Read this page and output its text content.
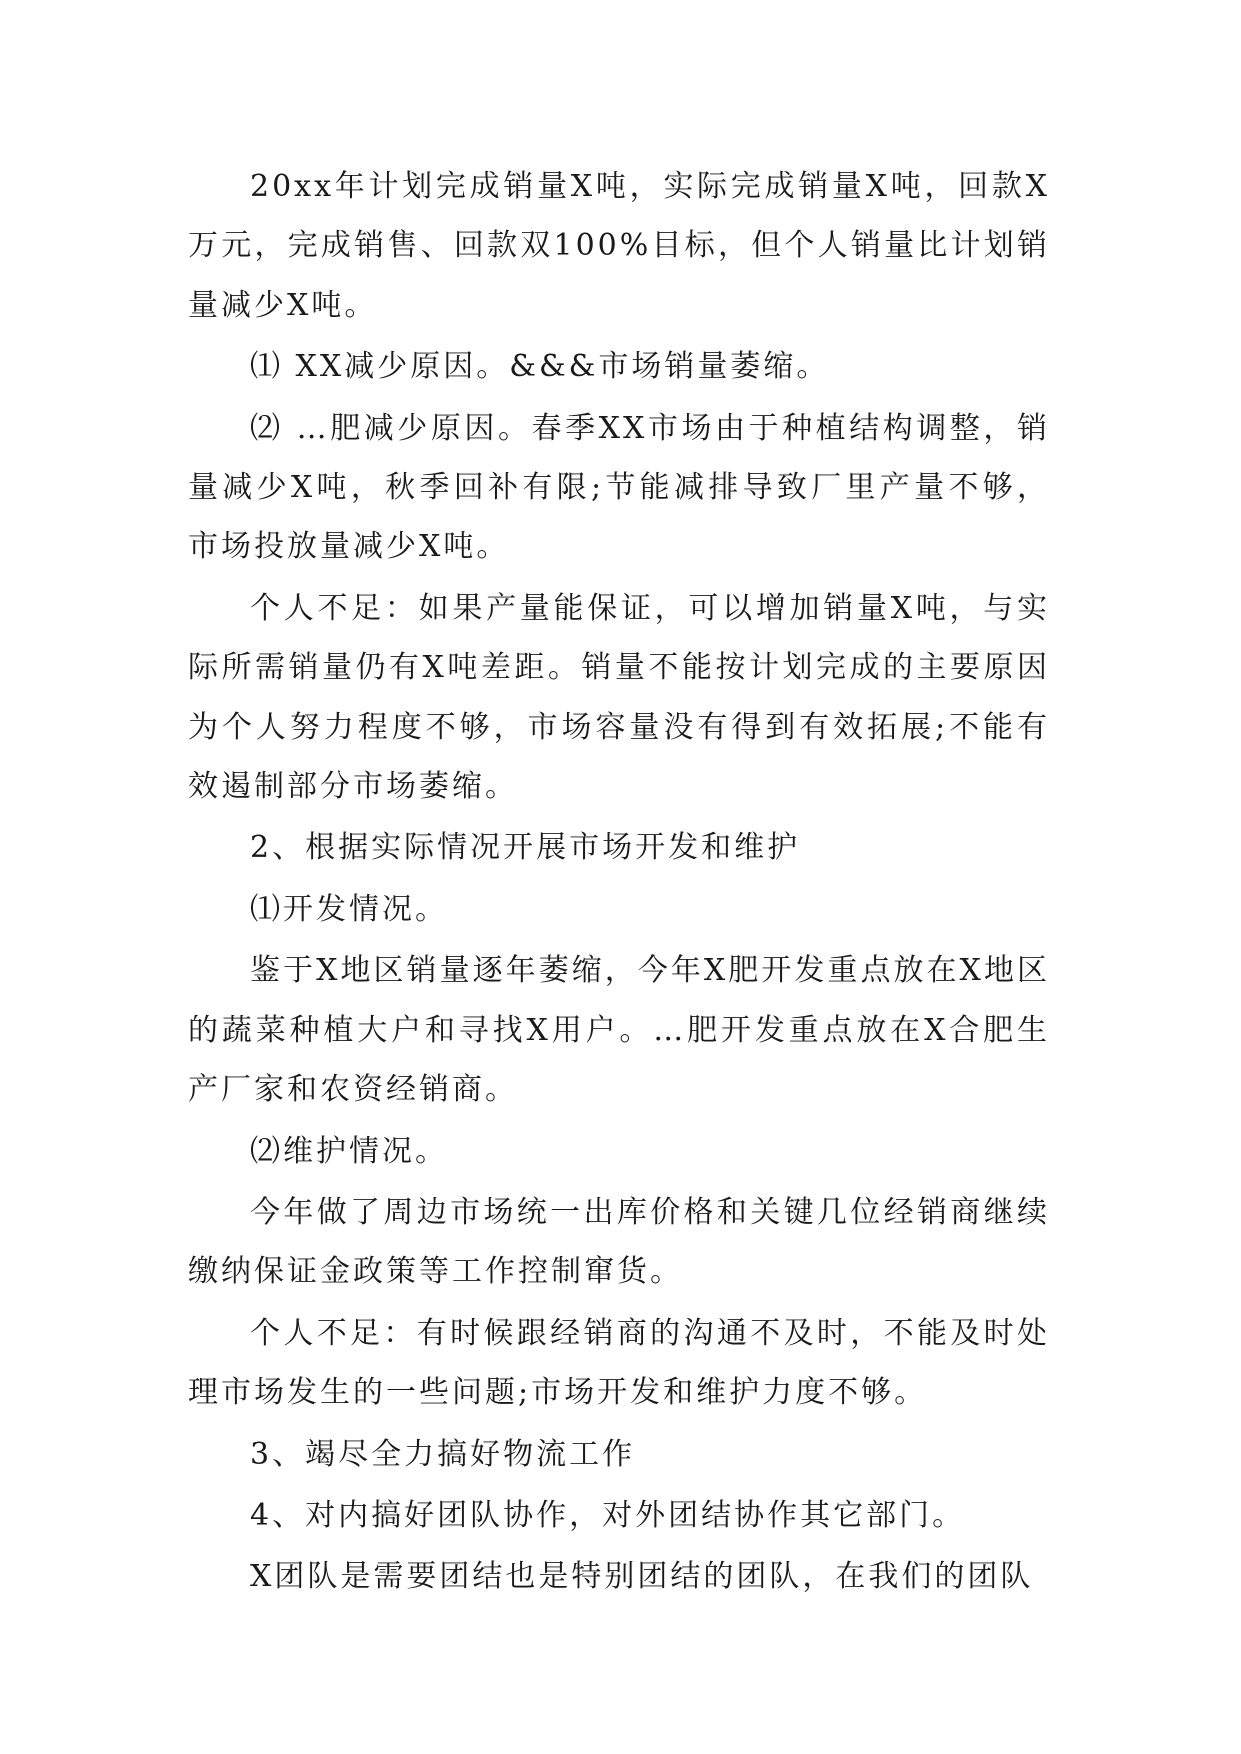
20xx年计划完成销量X吨，实际完成销量X吨，回款X万元，完成销售、回款双100%目标，但个人销量比计划销量减少X吨。

⑴ XX减少原因。&&&市场销量萎缩。

⑵ …肥减少原因。春季XX市场由于种植结构调整，销量减少X吨，秋季回补有限;节能减排导致厂里产量不够，市场投放量减少X吨。

个人不足：如果产量能保证，可以增加销量X吨，与实际所需销量仍有X吨差距。销量不能按计划完成的主要原因为个人努力程度不够，市场容量没有得到有效拓展;不能有效遏制部分市场萎缩。

2、根据实际情况开展市场开发和维护

⑴开发情况。

鉴于X地区销量逐年萎缩，今年X肥开发重点放在X地区的蔬菜种植大户和寻找X用户。…肥开发重点放在X合肥生产厂家和农资经销商。

⑵维护情况。

今年做了周边市场统一出库价格和关键几位经销商继续缴纳保证金政策等工作控制窜货。

个人不足：有时候跟经销商的沟通不及时，不能及时处理市场发生的一些问题;市场开发和维护力度不够。

3、竭尽全力搞好物流工作

4、对内搞好团队协作，对外团结协作其它部门。

X团队是需要团结也是特别团结的团队，在我们的团队
